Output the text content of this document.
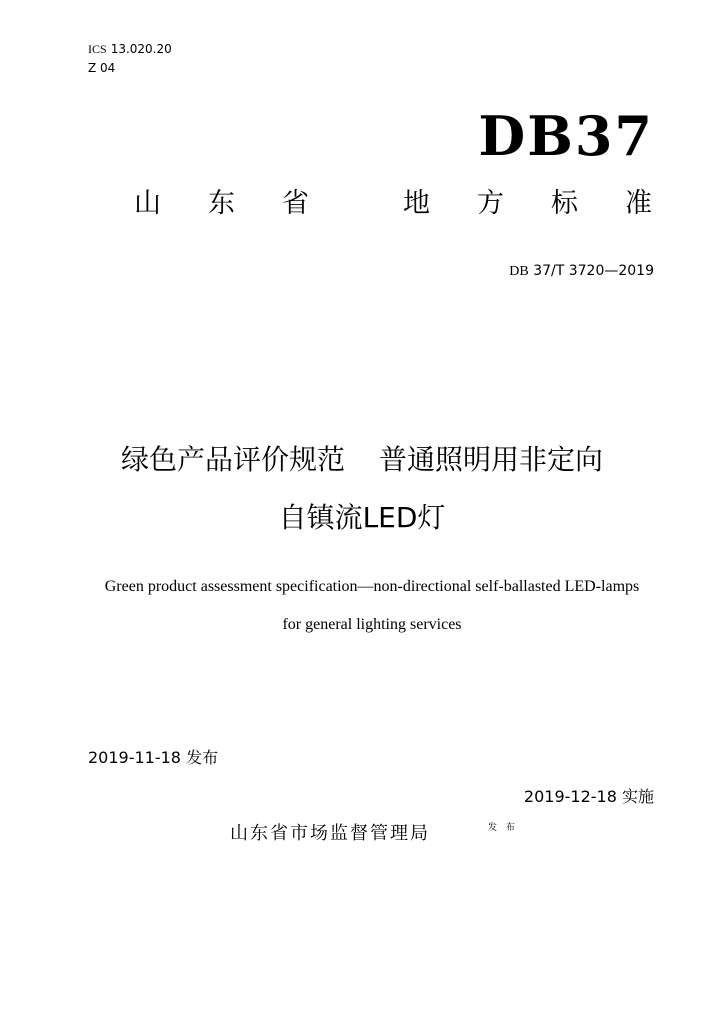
ICS 13.020.20
Z 04
DB37
山 东 省	地 方 标 准
DB 37/T 3720—2019
绿色产品评价规范 普通照明用非定向
自镇流LED灯
Green product assessment specification—non-directional self-ballasted LED-lamps
for general lighting services
2019-11-18 发布
2019-12-18 实施
山东省市场监督管理局	发 布
